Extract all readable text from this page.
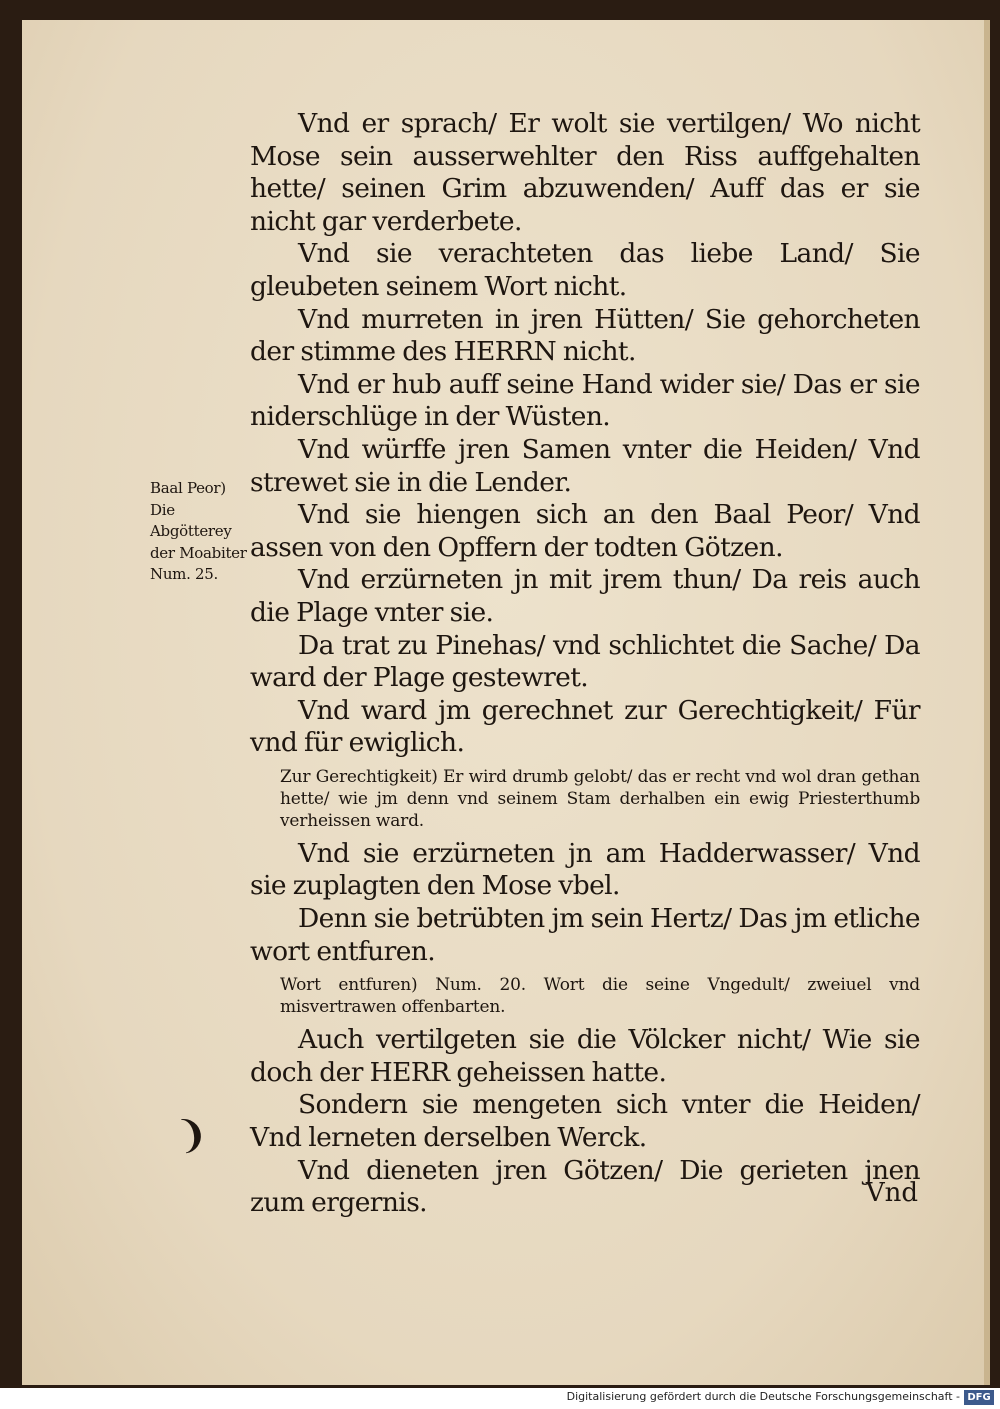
Vnd er sprach/ Er wolt sie vertilgen/ Wo nicht Mose sein ausserwehlter den Riss auffgehalten hette/ seinen Grim abzuwenden/ Auff das er sie nicht gar verderbete.

Vnd sie verachteten das liebe Land/ Sie gleubeten seinem Wort nicht.

Vnd murreten in jren Hütten/ Sie gehorcheten der stimme des HERRN nicht.

Vnd er hub auff seine Hand wider sie/ Das er sie niderschlüge in der Wüsten.

Vnd würffe jren Samen vnter die Heiden/ Vnd strewet sie in die Lender.

Vnd sie hiengen sich an den Baal Peor/ Vnd assen von den Opffern der todten Götzen.

Vnd erzürneten jn mit jrem thun/ Da reis auch die Plage vnter sie.

Da trat zu Pinehas/ vnd schlichtet die Sache/ Da ward der Plage gestewret.

Vnd ward jm gerechnet zur Gerechtigkeit/ Für vnd für ewiglich.

Zur Gerechtigkeit) Er wird drumb gelobt/ das er recht vnd wol dran gethan hette/ wie jm denn vnd seinem Stam derhalben ein ewig Priesterthumb verheissen ward.

Vnd sie erzürneten jn am Hadderwasser/ Vnd sie zuplagten den Mose vbel.

Denn sie betrübten jm sein Hertz/ Das jm etliche wort entfuren.

Wort entfuren) Num. 20. Wort die seine Vngedult/ zweiuel vnd misvertrawen offenbarten.

Auch vertilgeten sie die Völcker nicht/ Wie sie doch der HERR geheissen hatte.

Sondern sie mengeten sich vnter die Heiden/ Vnd lerneten derselben Werck.

Vnd dieneten jren Götzen/ Die gerieten jnen zum ergernis.

Baal Peor) Die Abgötterey der Moabiter Num. 25.
❩
Vnd
Digitalisierung gefördert durch die Deutsche Forschungsgemeinschaft - DFG
